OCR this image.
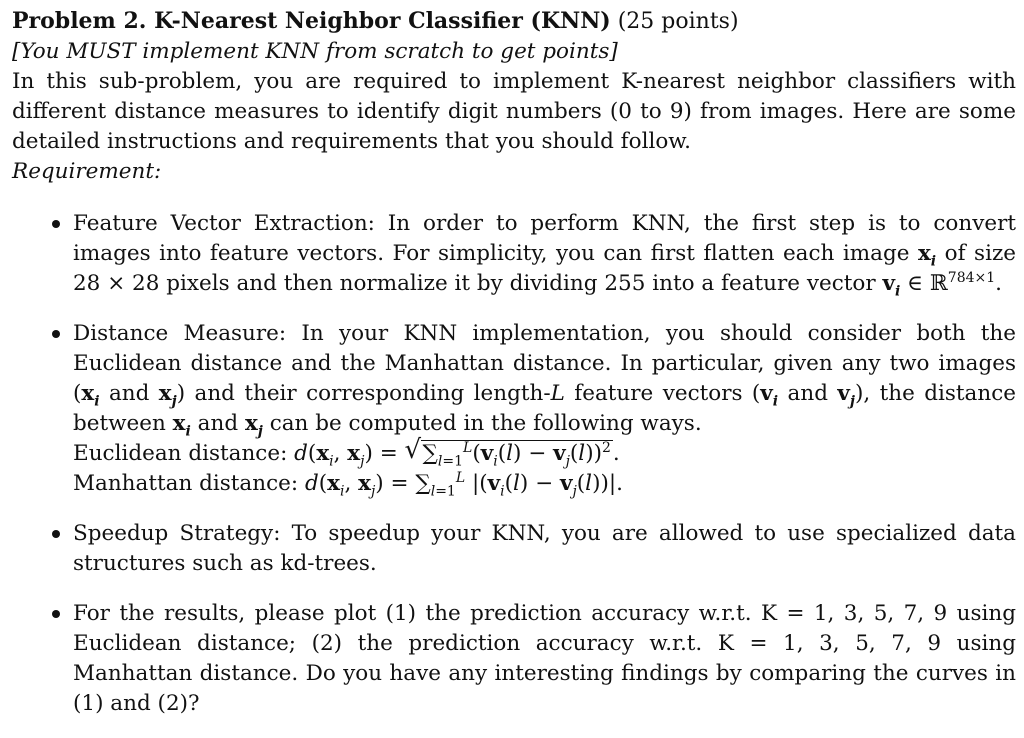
Problem 2. K-Nearest Neighbor Classifier (KNN) (25 points)
[You MUST implement KNN from scratch to get points]
In this sub-problem, you are required to implement K-nearest neighbor classifiers with different distance measures to identify digit numbers (0 to 9) from images. Here are some detailed instructions and requirements that you should follow.
Requirement:
Feature Vector Extraction: In order to perform KNN, the first step is to convert images into feature vectors. For simplicity, you can first flatten each image $x_i$ of size 28 × 28 pixels and then normalize it by dividing 255 into a feature vector $v_i$ ∈ ℝ$^{784\times 1}$.
Distance Measure: In your KNN implementation, you should consider both the Euclidean distance and the Manhattan distance. In particular, given any two images ($x_i$ and $x_j$) and their corresponding length-L feature vectors ($v_i$ and $v_j$), the distance between $x_i$ and $x_j$ can be computed in the following ways.
Euclidean distance: $d(x_i$, $x_j$) = √ $\sum_{l=1}^L(v_i(l) - v_j(l))^2$.
Manhattan distance: $d(x_i$, $x_j) = \sum_{l=1}^L$ $|(v_i(l) - v_j(l))|$.
Speedup Strategy: To speedup your KNN, you are allowed to use specialized data structures such as kd-trees.
For the results, please plot (1) the prediction accuracy w.r.t. K = 1, 3, 5, 7, 9 using Euclidean distance; (2) the prediction accuracy w.r.t. K = 1, 3, 5, 7, 9 using Manhattan distance. Do you have any interesting findings by comparing the curves in (1) and (2)?
